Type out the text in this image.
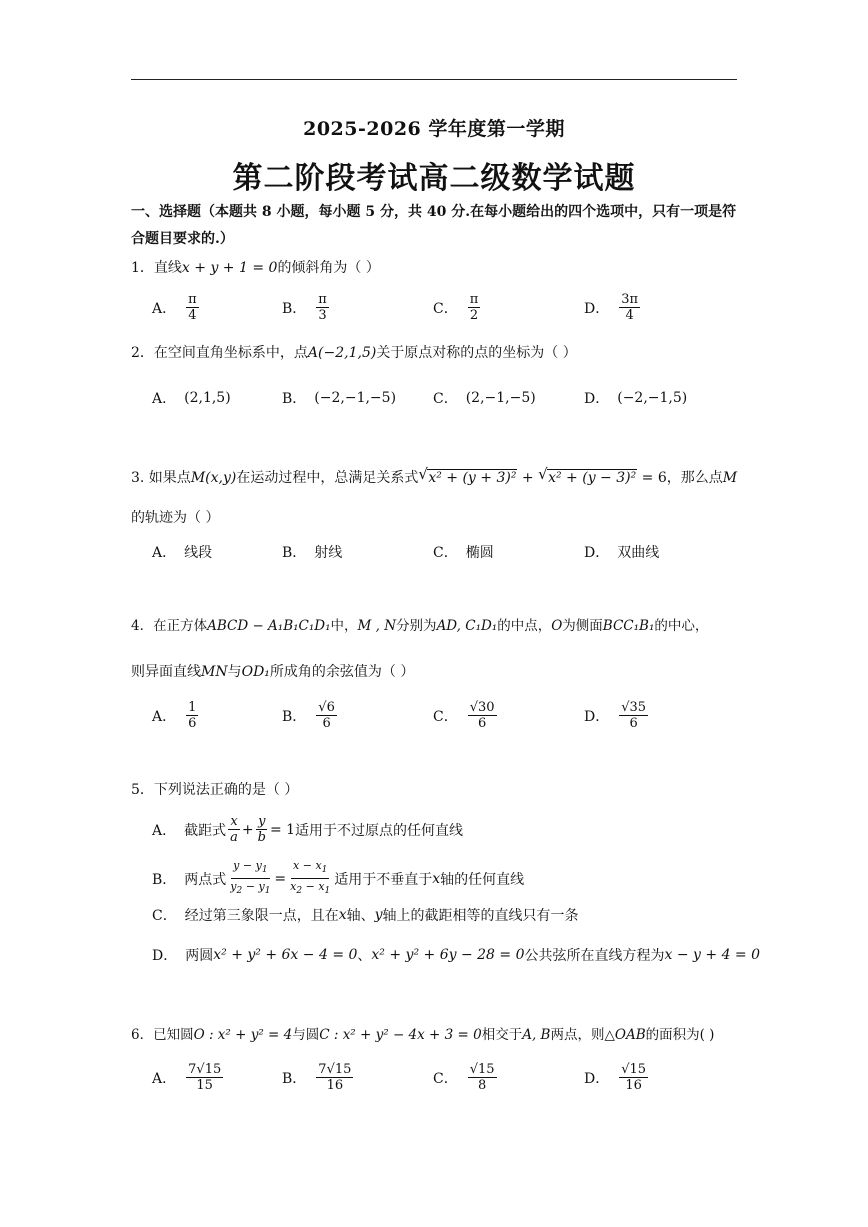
2025-2026 学年度第一学期
第二阶段考试高二级数学试题
一、选择题（本题共 8 小题，每小题 5 分，共 40 分.在每小题给出的四个选项中，只有一项是符合题目要求的.）
1．直线x + y + 1 = 0的倾斜角为（ ）
A． $\frac{\pi}{4}$	B． $\frac{\pi}{3}$	C． $\frac{\pi}{2}$	D． $\frac{3\pi}{4}$
2．在空间直角坐标系中，点A(−2,1,5)关于原点对称的点的坐标为（ ）
A． (2,1,5)	B． (−2,−1,−5)	C． (2,−1,−5)	D． (−2,−1,5)
3. 如果点M(x,y)在运动过程中，总满足关系式 √ x² + (y + 3)² + √ x² + (y − 3)² = 6，那么点M
的轨迹为（ ）
A． 线段	B． 射线	C． 椭圆	D． 双曲线
4．在正方体ABCD − A₁B₁C₁D₁中，M , N分别为AD, C₁D₁的中点，O为侧面BCC₁B₁的中心，
则异面直线MN与OD₁所成角的余弦值为（ ）
A． $\frac{1}{6}$	B． $\frac{√6}{6}$	C． $\frac{√30}{6}$	D． $\frac{√35}{6}$
5．下列说法正确的是（ ）
A． 截距式 $\frac{x}{a} + \frac{y}{b} = 1$ 适用于不过原点的任何直线
B． 两点式 $\frac{y - y_1}{y_2 - y_1} = \frac{x - x_1}{x_2 - x_1}$ 适用于不垂直于 x 轴的任何直线
C． 经过第三象限一点，且在 x 轴、 y 轴上的截距相等的直线只有一条
D． 两圆 x² + y² + 6x − 4 = 0 、 x² + y² + 6y − 28 = 0 公共弦所在直线方程为 x − y + 4 = 0
6．已知圆O : x² + y² = 4与圆C : x² + y² − 4x + 3 = 0相交于A, B两点，则△OAB的面积为( )
A． $\frac{7√15}{15}$	B． $\frac{7√15}{16}$	C． $\frac{√15}{8}$	D． $\frac{√15}{16}$
